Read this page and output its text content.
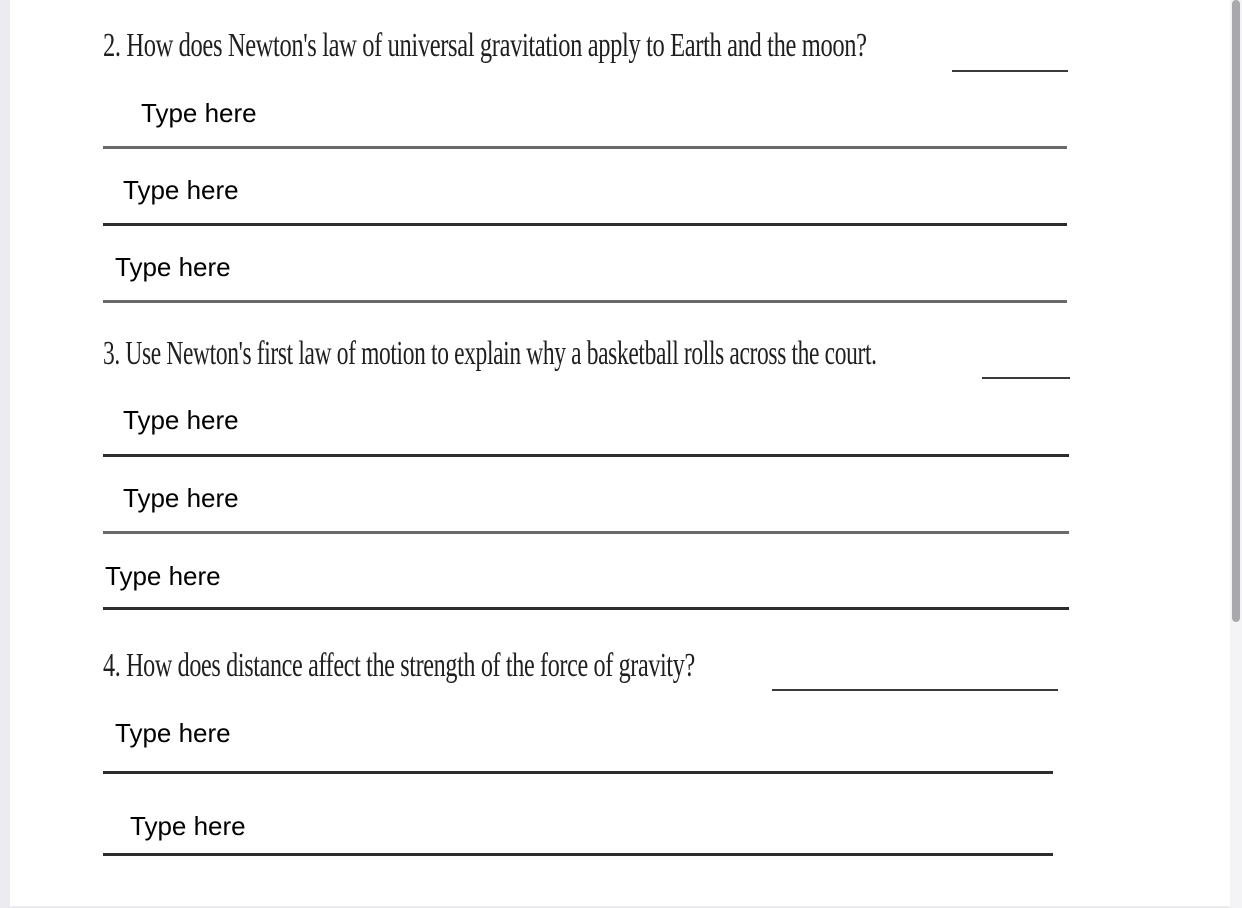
2. How does Newton's law of universal gravitation apply to Earth and the moon?

Type here
Type here
Type here

3. Use Newton's first law of motion to explain why a basketball rolls across the court.

Type here
Type here
Type here

4. How does distance affect the strength of the force of gravity?

Type here
Type here
